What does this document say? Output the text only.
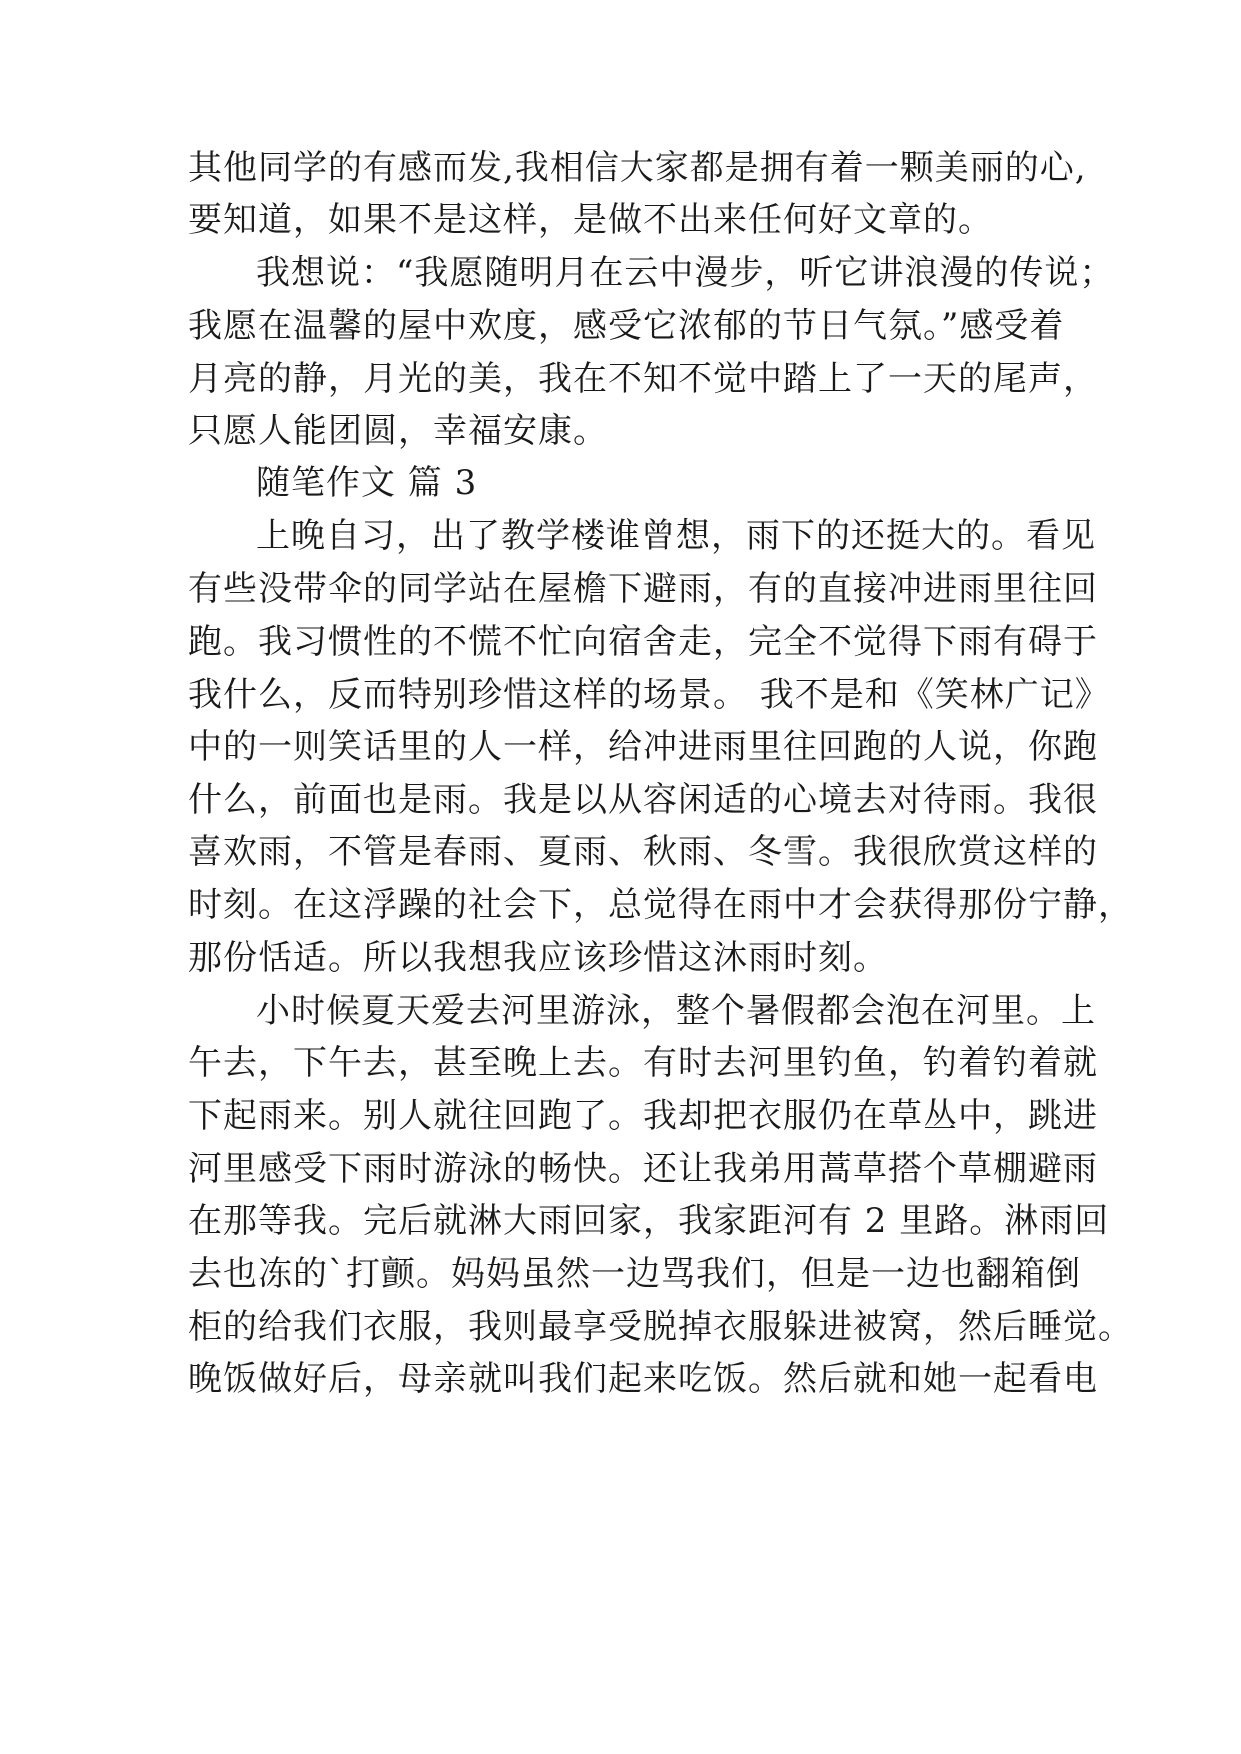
其他同学的有感而发,我相信大家都是拥有着一颗美丽的心,

要知道，如果不是这样，是做不出来任何好文章的。

我想说：“我愿随明月在云中漫步，听它讲浪漫的传说；

我愿在温馨的屋中欢度，感受它浓郁的节日气氛。”感受着

月亮的静，月光的美，我在不知不觉中踏上了一天的尾声，

只愿人能团圆，幸福安康。

随笔作文 篇 3

上晚自习，出了教学楼谁曾想，雨下的还挺大的。看见

有些没带伞的同学站在屋檐下避雨，有的直接冲进雨里往回

跑。我习惯性的不慌不忙向宿舍走，完全不觉得下雨有碍于

我什么，反而特别珍惜这样的场景。 我不是和《笑林广记》

中的一则笑话里的人一样，给冲进雨里往回跑的人说，你跑

什么，前面也是雨。我是以从容闲适的心境去对待雨。我很

喜欢雨，不管是春雨、夏雨、秋雨、冬雪。我很欣赏这样的

时刻。在这浮躁的社会下，总觉得在雨中才会获得那份宁静，

那份恬适。所以我想我应该珍惜这沐雨时刻。

小时候夏天爱去河里游泳，整个暑假都会泡在河里。上

午去，下午去，甚至晚上去。有时去河里钓鱼，钓着钓着就

下起雨来。别人就往回跑了。我却把衣服仍在草丛中，跳进

河里感受下雨时游泳的畅快。还让我弟用蒿草搭个草棚避雨

在那等我。完后就淋大雨回家，我家距河有 2 里路。淋雨回

去也冻的`打颤。妈妈虽然一边骂我们，但是一边也翻箱倒

柜的给我们衣服，我则最享受脱掉衣服躲进被窝，然后睡觉。

晚饭做好后，母亲就叫我们起来吃饭。然后就和她一起看电
